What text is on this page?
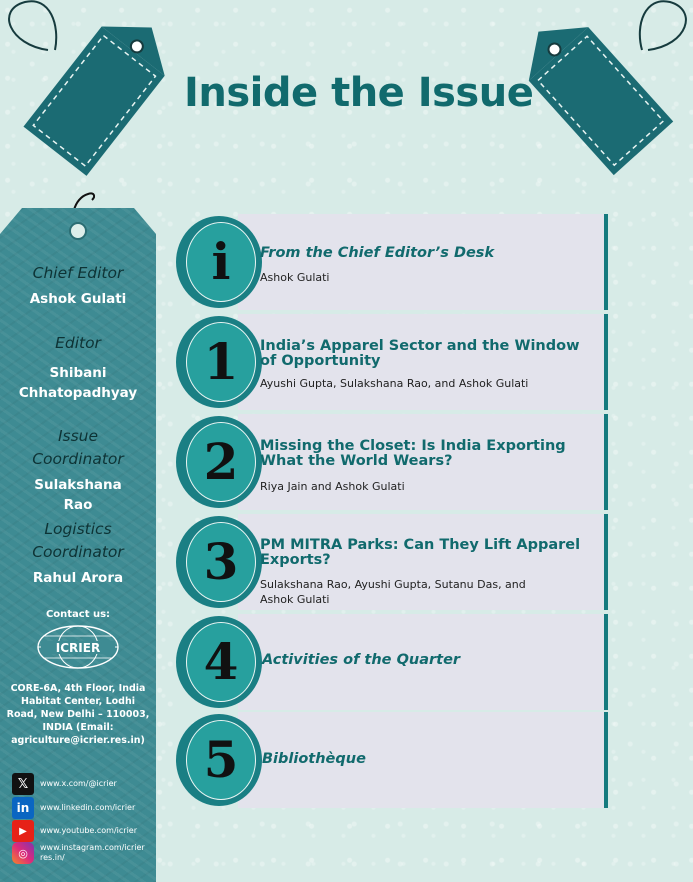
Inside the Issue
Chief Editor
Ashok Gulati
Editor
Shibani Chhatopadhyay
Issue Coordinator
Sulakshana Rao
Logistics Coordinator
Rahul Arora
Contact us:
ICRIER
CORE-6A, 4th Floor, India Habitat Center, Lodhi Road, New Delhi – 110003, INDIA (Email: agriculture@icrier.res.in)
𝕏	www.x.com/@icrier
in	www.linkedin.com/icrier
▶	www.youtube.com/icrier
◎	www.instagram.com/icrier res.in/
i From the Chief Editor’s Desk
Ashok Gulati
1 India’s Apparel Sector and the Window of Opportunity
Ayushi Gupta, Sulakshana Rao, and Ashok Gulati
2 Missing the Closet: Is India Exporting What the World Wears?
Riya Jain and Ashok Gulati
3 PM MITRA Parks: Can They Lift Apparel Exports?
Sulakshana Rao, Ayushi Gupta, Sutanu Das, and Ashok Gulati
4 Activities of the Quarter
5 Bibliothèque
